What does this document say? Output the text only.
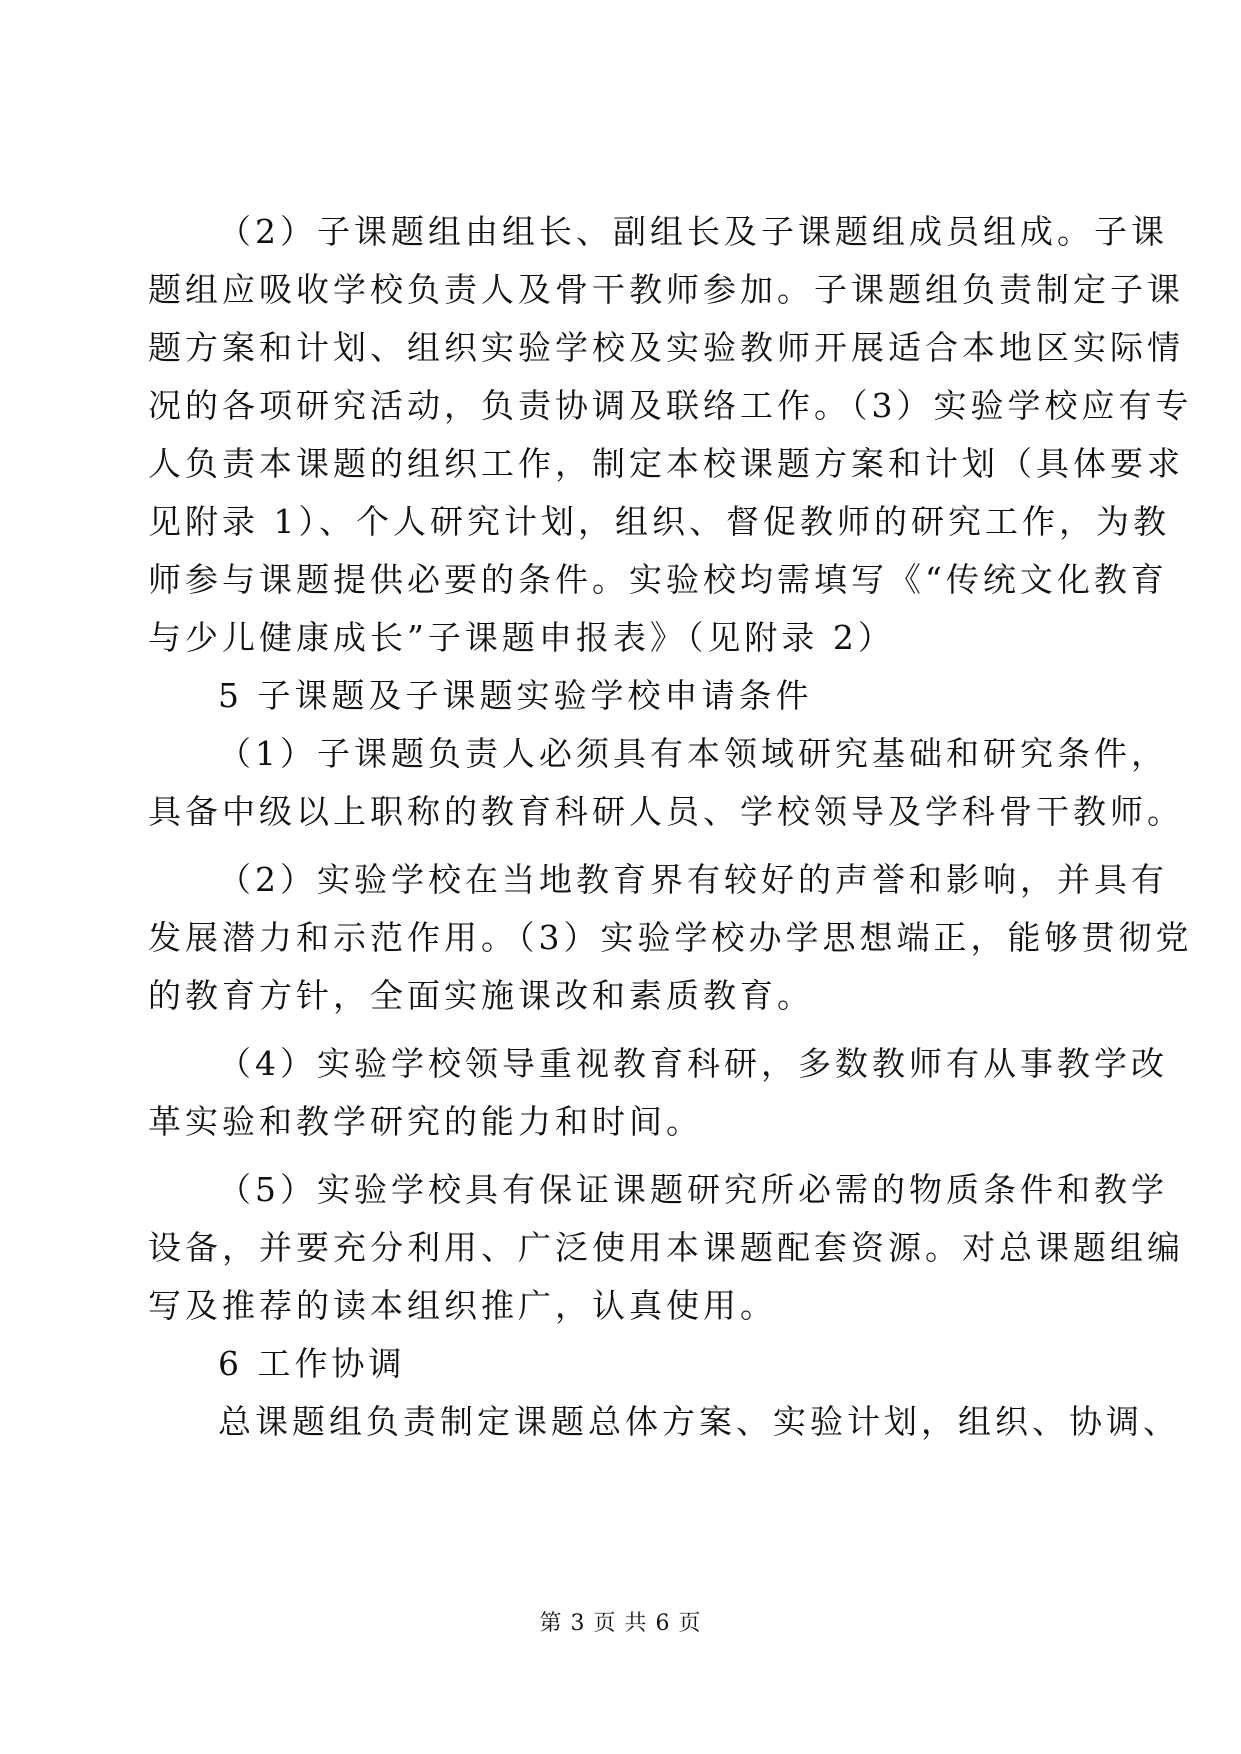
（2）子课题组由组长、副组长及子课题组成员组成。子课
题组应吸收学校负责人及骨干教师参加。子课题组负责制定子课
题方案和计划、组织实验学校及实验教师开展适合本地区实际情
况的各项研究活动，负责协调及联络工作。（3）实验学校应有专
人负责本课题的组织工作，制定本校课题方案和计划（具体要求
见附录 1）、个人研究计划，组织、督促教师的研究工作，为教
师参与课题提供必要的条件。实验校均需填写《“传统文化教育
与少儿健康成长”子课题申报表》（见附录 2）
5 子课题及子课题实验学校申请条件
（1）子课题负责人必须具有本领域研究基础和研究条件，
具备中级以上职称的教育科研人员、学校领导及学科骨干教师。
（2）实验学校在当地教育界有较好的声誉和影响，并具有
发展潜力和示范作用。（3）实验学校办学思想端正，能够贯彻党
的教育方针，全面实施课改和素质教育。
（4）实验学校领导重视教育科研，多数教师有从事教学改
革实验和教学研究的能力和时间。
（5）实验学校具有保证课题研究所必需的物质条件和教学
设备，并要充分利用、广泛使用本课题配套资源。对总课题组编
写及推荐的读本组织推广，认真使用。
6 工作协调
总课题组负责制定课题总体方案、实验计划，组织、协调、
第 3 页 共 6 页
